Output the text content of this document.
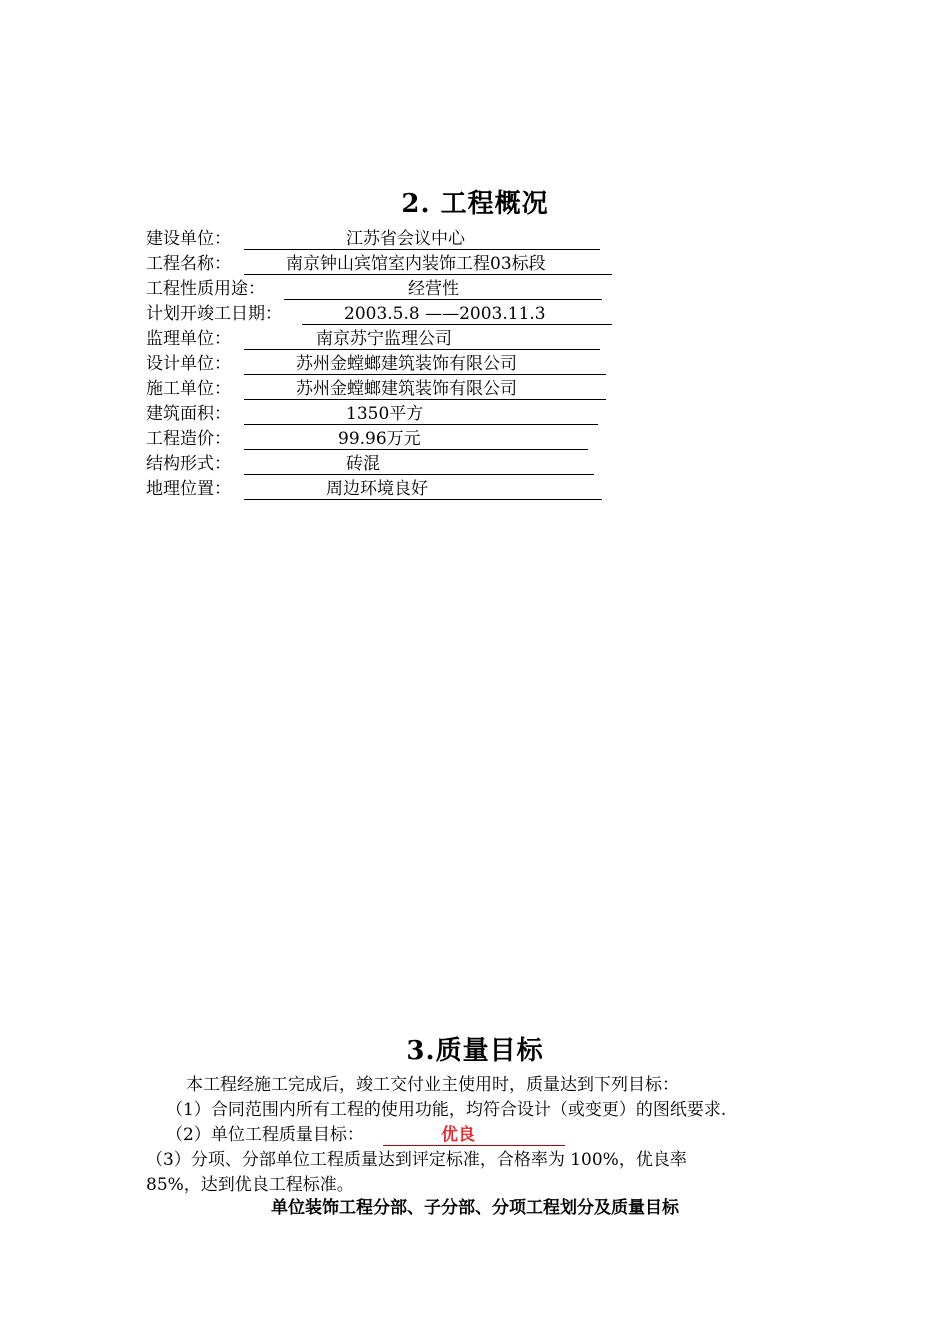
2. 工程概况
建设单位：	江苏省会议中心
工程名称：	南京钟山宾馆室内装饰工程03标段
工程性质用途：	经营性
计划开竣工日期：	2003.5.8 ——2003.11.3
监理单位：	南京苏宁监理公司
设计单位：	苏州金螳螂建筑装饰有限公司
施工单位：	苏州金螳螂建筑装饰有限公司
建筑面积：	1350平方
工程造价：	99.96万元
结构形式：	砖混
地理位置：	周边环境良好
3.质量目标
本工程经施工完成后，竣工交付业主使用时，质量达到下列目标：
（1）合同范围内所有工程的使用功能，均符合设计（或变更）的图纸要求.
（2）单位工程质量目标：	优良
（3）分项、分部单位工程质量达到评定标准，合格率为 100%，优良率
85%，达到优良工程标准。
单位装饰工程分部、子分部、分项工程划分及质量目标
